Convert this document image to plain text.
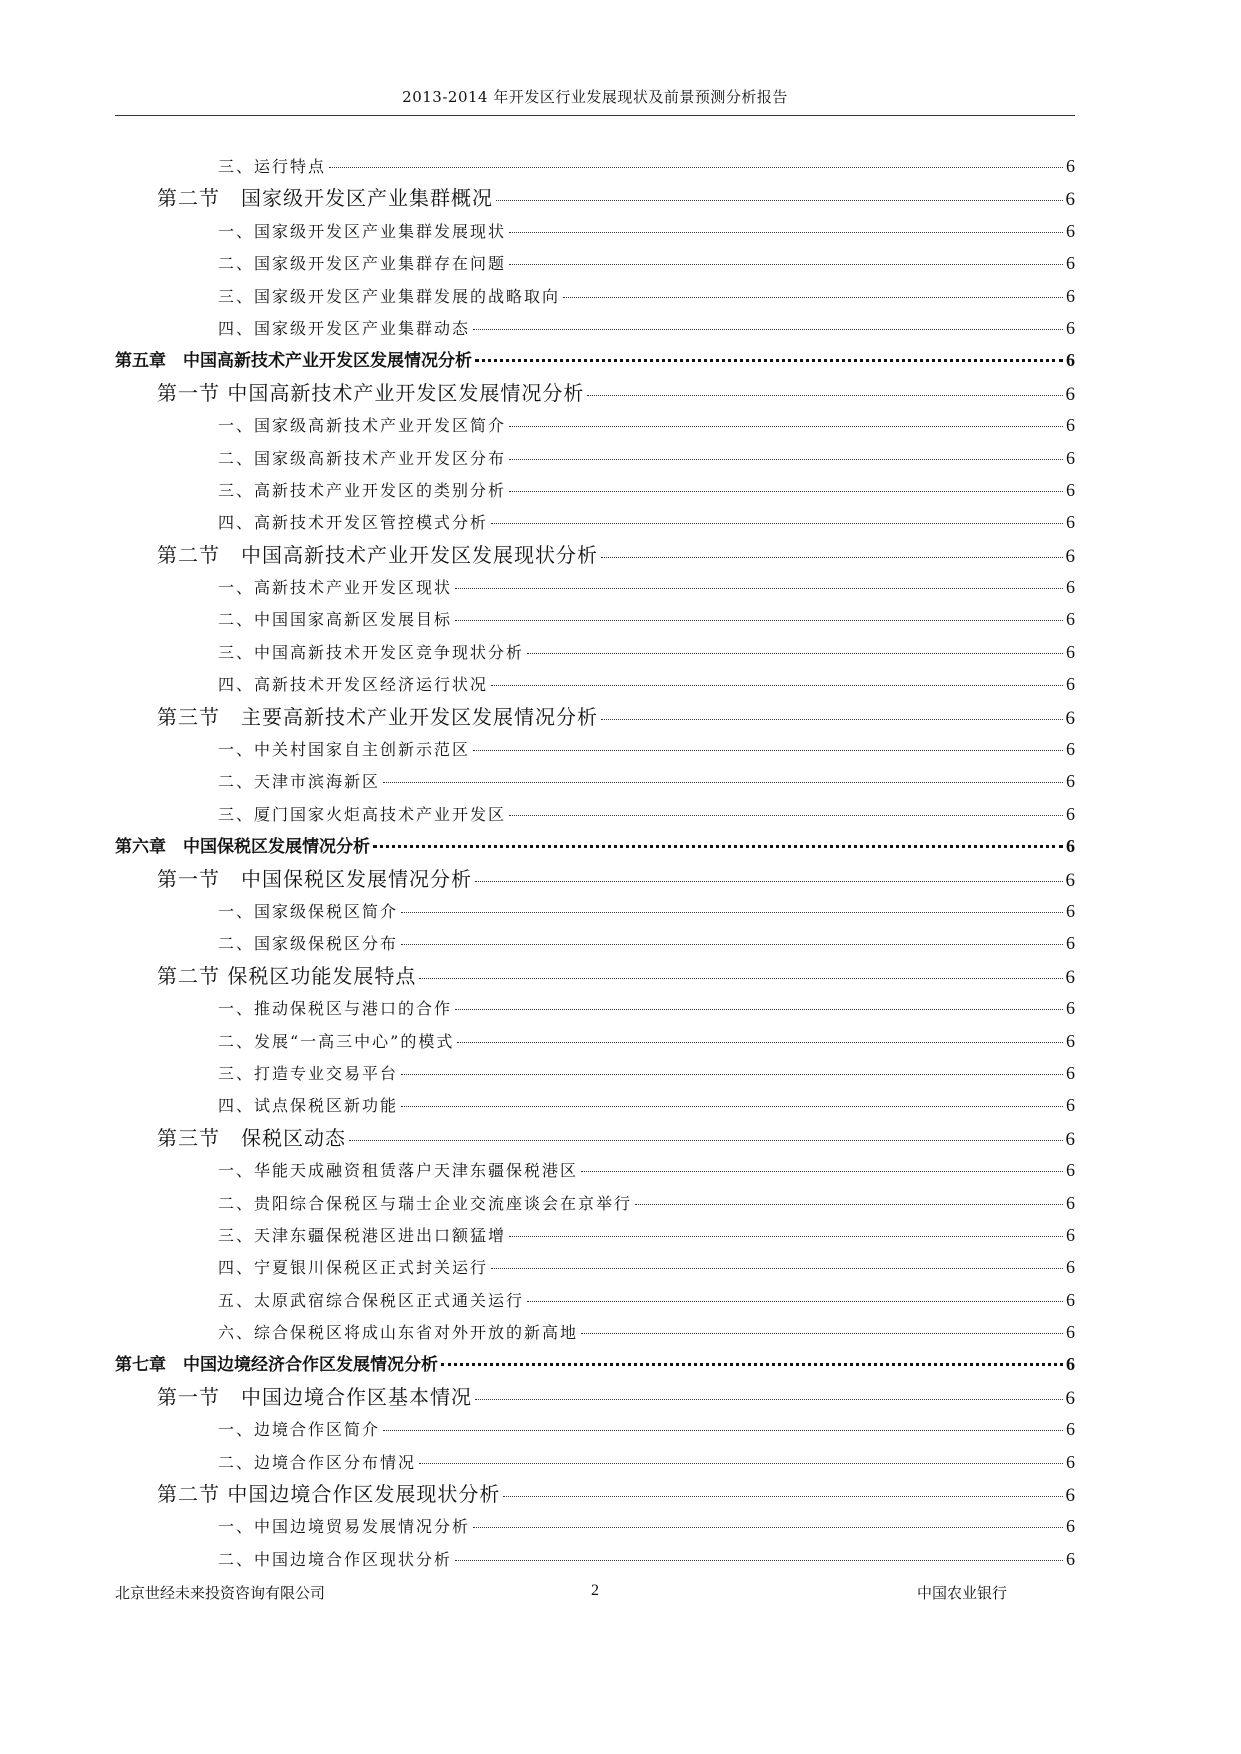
2013-2014 年开发区行业发展现状及前景预测分析报告
三、运行特点	6
第二节　国家级开发区产业集群概况	6
一、国家级开发区产业集群发展现状	6
二、国家级开发区产业集群存在问题	6
三、国家级开发区产业集群发展的战略取向	6
四、国家级开发区产业集群动态	6
第五章　中国高新技术产业开发区发展情况分析	6
第一节 中国高新技术产业开发区发展情况分析	6
一、国家级高新技术产业开发区简介	6
二、国家级高新技术产业开发区分布	6
三、高新技术产业开发区的类别分析	6
四、高新技术开发区管控模式分析	6
第二节　中国高新技术产业开发区发展现状分析	6
一、高新技术产业开发区现状	6
二、中国国家高新区发展目标	6
三、中国高新技术开发区竞争现状分析	6
四、高新技术开发区经济运行状况	6
第三节　主要高新技术产业开发区发展情况分析	6
一、中关村国家自主创新示范区	6
二、天津市滨海新区	6
三、厦门国家火炬高技术产业开发区	6
第六章　中国保税区发展情况分析	6
第一节　中国保税区发展情况分析	6
一、国家级保税区简介	6
二、国家级保税区分布	6
第二节 保税区功能发展特点	6
一、推动保税区与港口的合作	6
二、发展“一高三中心”的模式	6
三、打造专业交易平台	6
四、试点保税区新功能	6
第三节　保税区动态	6
一、华能天成融资租赁落户天津东疆保税港区	6
二、贵阳综合保税区与瑞士企业交流座谈会在京举行	6
三、天津东疆保税港区进出口额猛增	6
四、宁夏银川保税区正式封关运行	6
五、太原武宿综合保税区正式通关运行	6
六、综合保税区将成山东省对外开放的新高地	6
第七章　中国边境经济合作区发展情况分析	6
第一节　中国边境合作区基本情况	6
一、边境合作区简介	6
二、边境合作区分布情况	6
第二节 中国边境合作区发展现状分析	6
一、中国边境贸易发展情况分析	6
二、中国边境合作区现状分析	6
北京世经未来投资咨询有限公司	2	中国农业银行
